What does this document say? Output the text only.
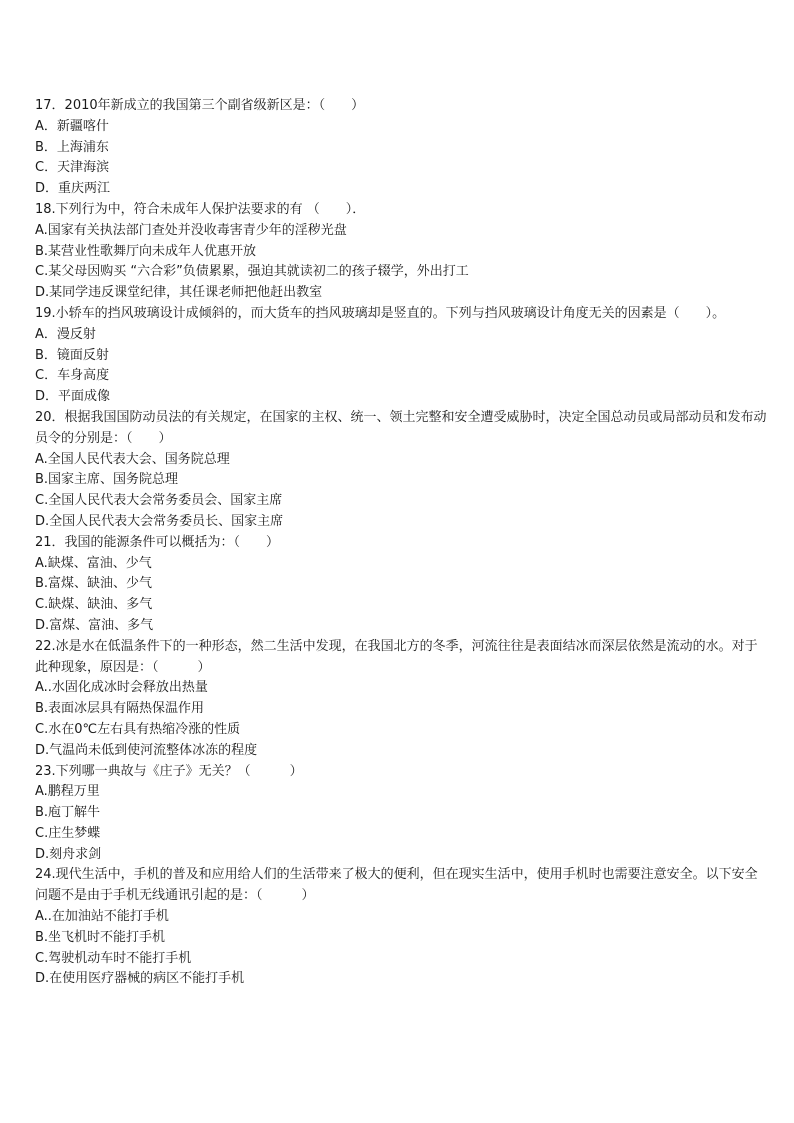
17．2010年新成立的我国第三个副省级新区是：（　　）
A．新疆喀什
B．上海浦东
C．天津海滨
D．重庆两江
18.下列行为中，符合未成年人保护法要求的有 （　　）．
A.国家有关执法部门查处并没收毒害青少年的淫秽光盘
B.某营业性歌舞厅向未成年人优惠开放
C.某父母因购买 “六合彩”负债累累，强迫其就读初二的孩子辍学，外出打工
D.某同学违反课堂纪律，其任课老师把他赶出教室
19.小轿车的挡风玻璃设计成倾斜的，而大货车的挡风玻璃却是竖直的。下列与挡风玻璃设计角度无关的因素是（　　）。
A．漫反射
B．镜面反射
C．车身高度
D．平面成像
20．根据我国国防动员法的有关规定，在国家的主权、统一、领土完整和安全遭受威胁时，决定全国总动员或局部动员和发布动员令的分别是：（　　）
A.全国人民代表大会、国务院总理
B.国家主席、国务院总理
C.全国人民代表大会常务委员会、国家主席
D.全国人民代表大会常务委员长、国家主席
21．我国的能源条件可以概括为：（　　）
A.缺煤、富油、少气
B.富煤、缺油、少气
C.缺煤、缺油、多气
D.富煤、富油、多气
22.冰是水在低温条件下的一种形态，然二生活中发现，在我国北方的冬季，河流往往是表面结冰而深层依然是流动的水。对于此种现象，原因是：（　　　）
A..水固化成冰时会释放出热量
B.表面冰层具有隔热保温作用
C.水在0℃左右具有热缩冷涨的性质
D.气温尚未低到使河流整体冰冻的程度
23.下列哪一典故与《庄子》无关？（　　　）
A.鹏程万里
B.庖丁解牛
C.庄生梦蝶
D.刻舟求剑
24.现代生活中，手机的普及和应用给人们的生活带来了极大的便利，但在现实生活中，使用手机时也需要注意安全。以下安全问题不是由于手机无线通讯引起的是：（　　　）
A..在加油站不能打手机
B.坐飞机时不能打手机
C.驾驶机动车时不能打手机
D.在使用医疗器械的病区不能打手机
